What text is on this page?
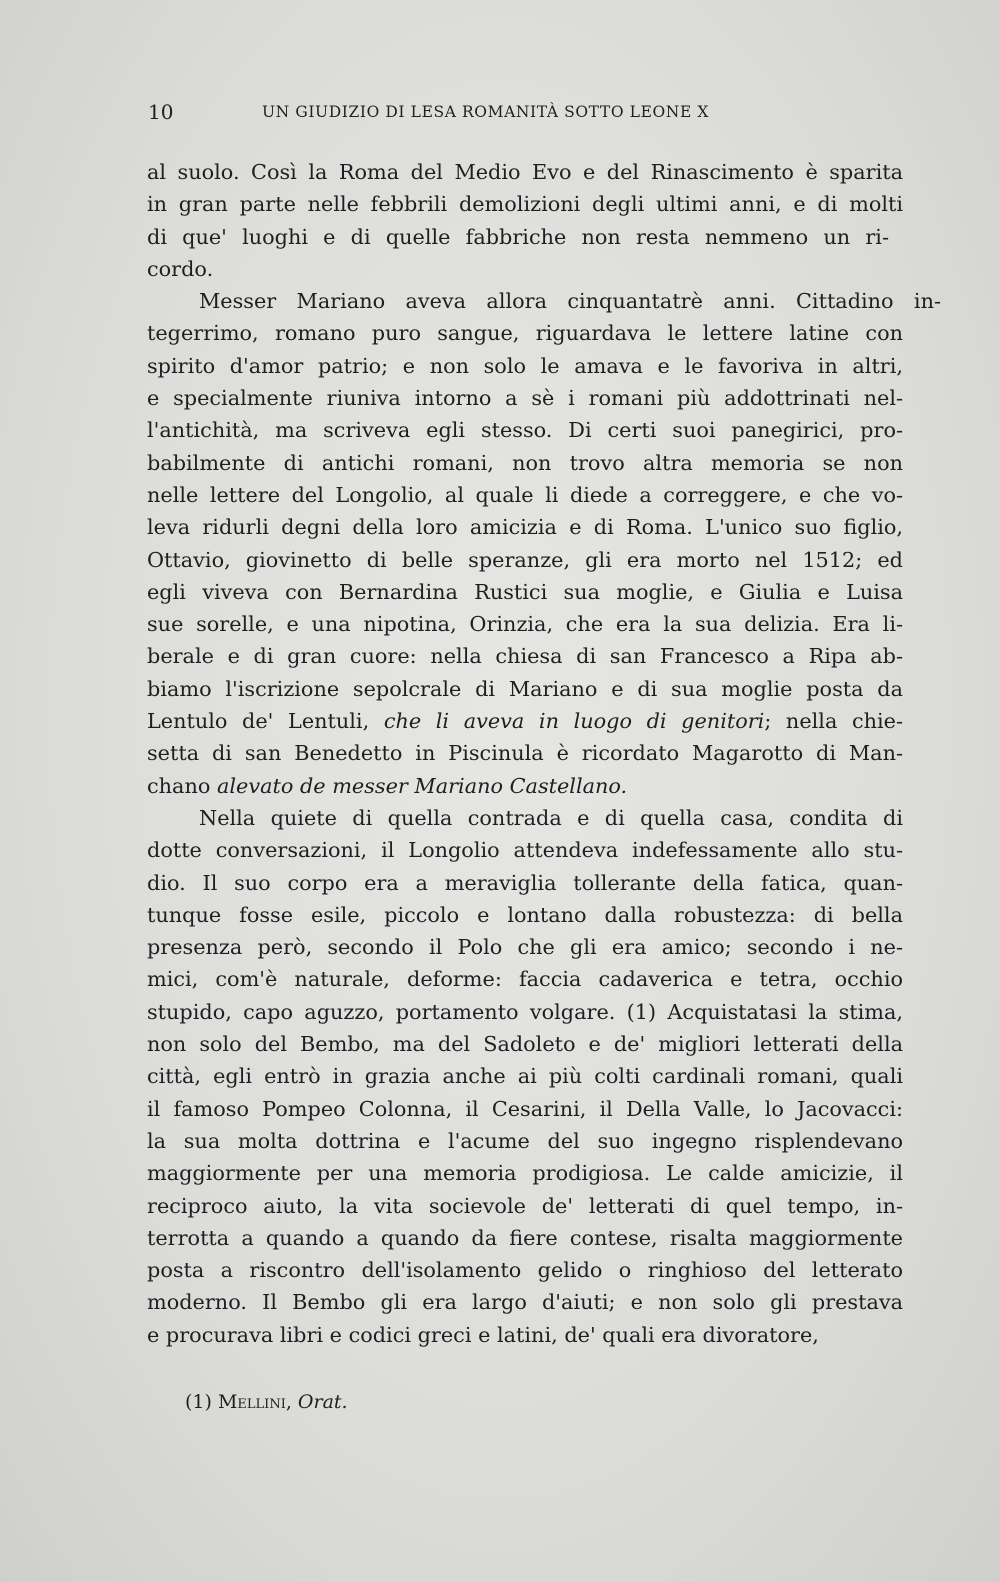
10	UN GIUDIZIO DI LESA ROMANITÀ SOTTO LEONE X
al suolo. Così la Roma del Medio Evo e del Rinascimento è sparita
in gran parte nelle febbrili demolizioni degli ultimi anni, e di molti
di que' luoghi e di quelle fabbriche non resta nemmeno un ri-
cordo.
Messer Mariano aveva allora cinquantatrè anni. Cittadino in-
tegerrimo, romano puro sangue, riguardava le lettere latine con
spirito d'amor patrio; e non solo le amava e le favoriva in altri,
e specialmente riuniva intorno a sè i romani più addottrinati nel-
l'antichità, ma scriveva egli stesso. Di certi suoi panegirici, pro-
babilmente di antichi romani, non trovo altra memoria se non
nelle lettere del Longolio, al quale li diede a correggere, e che vo-
leva ridurli degni della loro amicizia e di Roma. L'unico suo figlio,
Ottavio, giovinetto di belle speranze, gli era morto nel 1512; ed
egli viveva con Bernardina Rustici sua moglie, e Giulia e Luisa
sue sorelle, e una nipotina, Orinzia, che era la sua delizia. Era li-
berale e di gran cuore: nella chiesa di san Francesco a Ripa ab-
biamo l'iscrizione sepolcrale di Mariano e di sua moglie posta da
Lentulo de' Lentuli, che li aveva in luogo di genitori; nella chie-
setta di san Benedetto in Piscinula è ricordato Magarotto di Man-
chano alevato de messer Mariano Castellano.
Nella quiete di quella contrada e di quella casa, condita di
dotte conversazioni, il Longolio attendeva indefessamente allo stu-
dio. Il suo corpo era a meraviglia tollerante della fatica, quan-
tunque fosse esile, piccolo e lontano dalla robustezza: di bella
presenza però, secondo il Polo che gli era amico; secondo i ne-
mici, com'è naturale, deforme: faccia cadaverica e tetra, occhio
stupido, capo aguzzo, portamento volgare. (1) Acquistatasi la stima,
non solo del Bembo, ma del Sadoleto e de' migliori letterati della
città, egli entrò in grazia anche ai più colti cardinali romani, quali
il famoso Pompeo Colonna, il Cesarini, il Della Valle, lo Jacovacci:
la sua molta dottrina e l'acume del suo ingegno risplendevano
maggiormente per una memoria prodigiosa. Le calde amicizie, il
reciproco aiuto, la vita socievole de' letterati di quel tempo, in-
terrotta a quando a quando da fiere contese, risalta maggiormente
posta a riscontro dell'isolamento gelido o ringhioso del letterato
moderno. Il Bembo gli era largo d'aiuti; e non solo gli prestava
e procurava libri e codici greci e latini, de' quali era divoratore,
(1) Mellini, Orat.
